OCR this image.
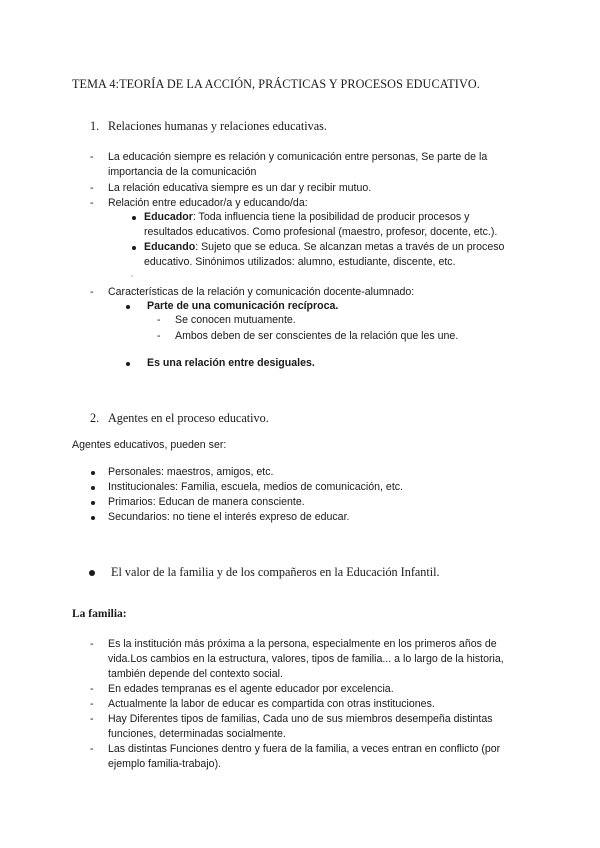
TEMA 4:TEORÍA DE LA ACCIÓN, PRÁCTICAS Y PROCESOS EDUCATIVO.
1. Relaciones humanas y relaciones educativas.
- La educación siempre es relación y comunicación entre personas, Se parte de la
importancia de la comunicación
- La relación educativa siempre es un dar y recibir mutuo.
- Relación entre educador/a y educando/da:
Educador: Toda influencia tiene la posibilidad de producir procesos y
resultados educativos. Como profesional (maestro, profesor, docente, etc.).
Educando: Sujeto que se educa. Se alcanzan metas a través de un proceso
educativo. Sinónimos utilizados: alumno, estudiante, discente, etc.
- Características de la relación y comunicación docente-alumnado:
Parte de una comunicación recíproca.
- Se conocen mutuamente.
- Ambos deben de ser conscientes de la relación que les une.
Es una relación entre desiguales.
2. Agentes en el proceso educativo.
Agentes educativos, pueden ser:
Personales: maestros, amigos, etc.
Institucionales: Familia, escuela, medios de comunicación, etc.
Primarios: Educan de manera consciente.
Secundarios: no tiene el interés expreso de educar.
El valor de la familia y de los compañeros en la Educación Infantil.
La familia:
- Es la institución más próxima a la persona, especialmente en los primeros años de
vida.Los cambios en la estructura, valores, tipos de familia... a lo largo de la historia,
también depende del contexto social.
- En edades tempranas es el agente educador por excelencia.
- Actualmente la labor de educar es compartida con otras instituciones.
- Hay Diferentes tipos de familias, Cada uno de sus miembros desempeña distintas
funciones, determinadas socialmente.
- Las distintas Funciones dentro y fuera de la familia, a veces entran en conflicto (por
ejemplo familia-trabajo).
